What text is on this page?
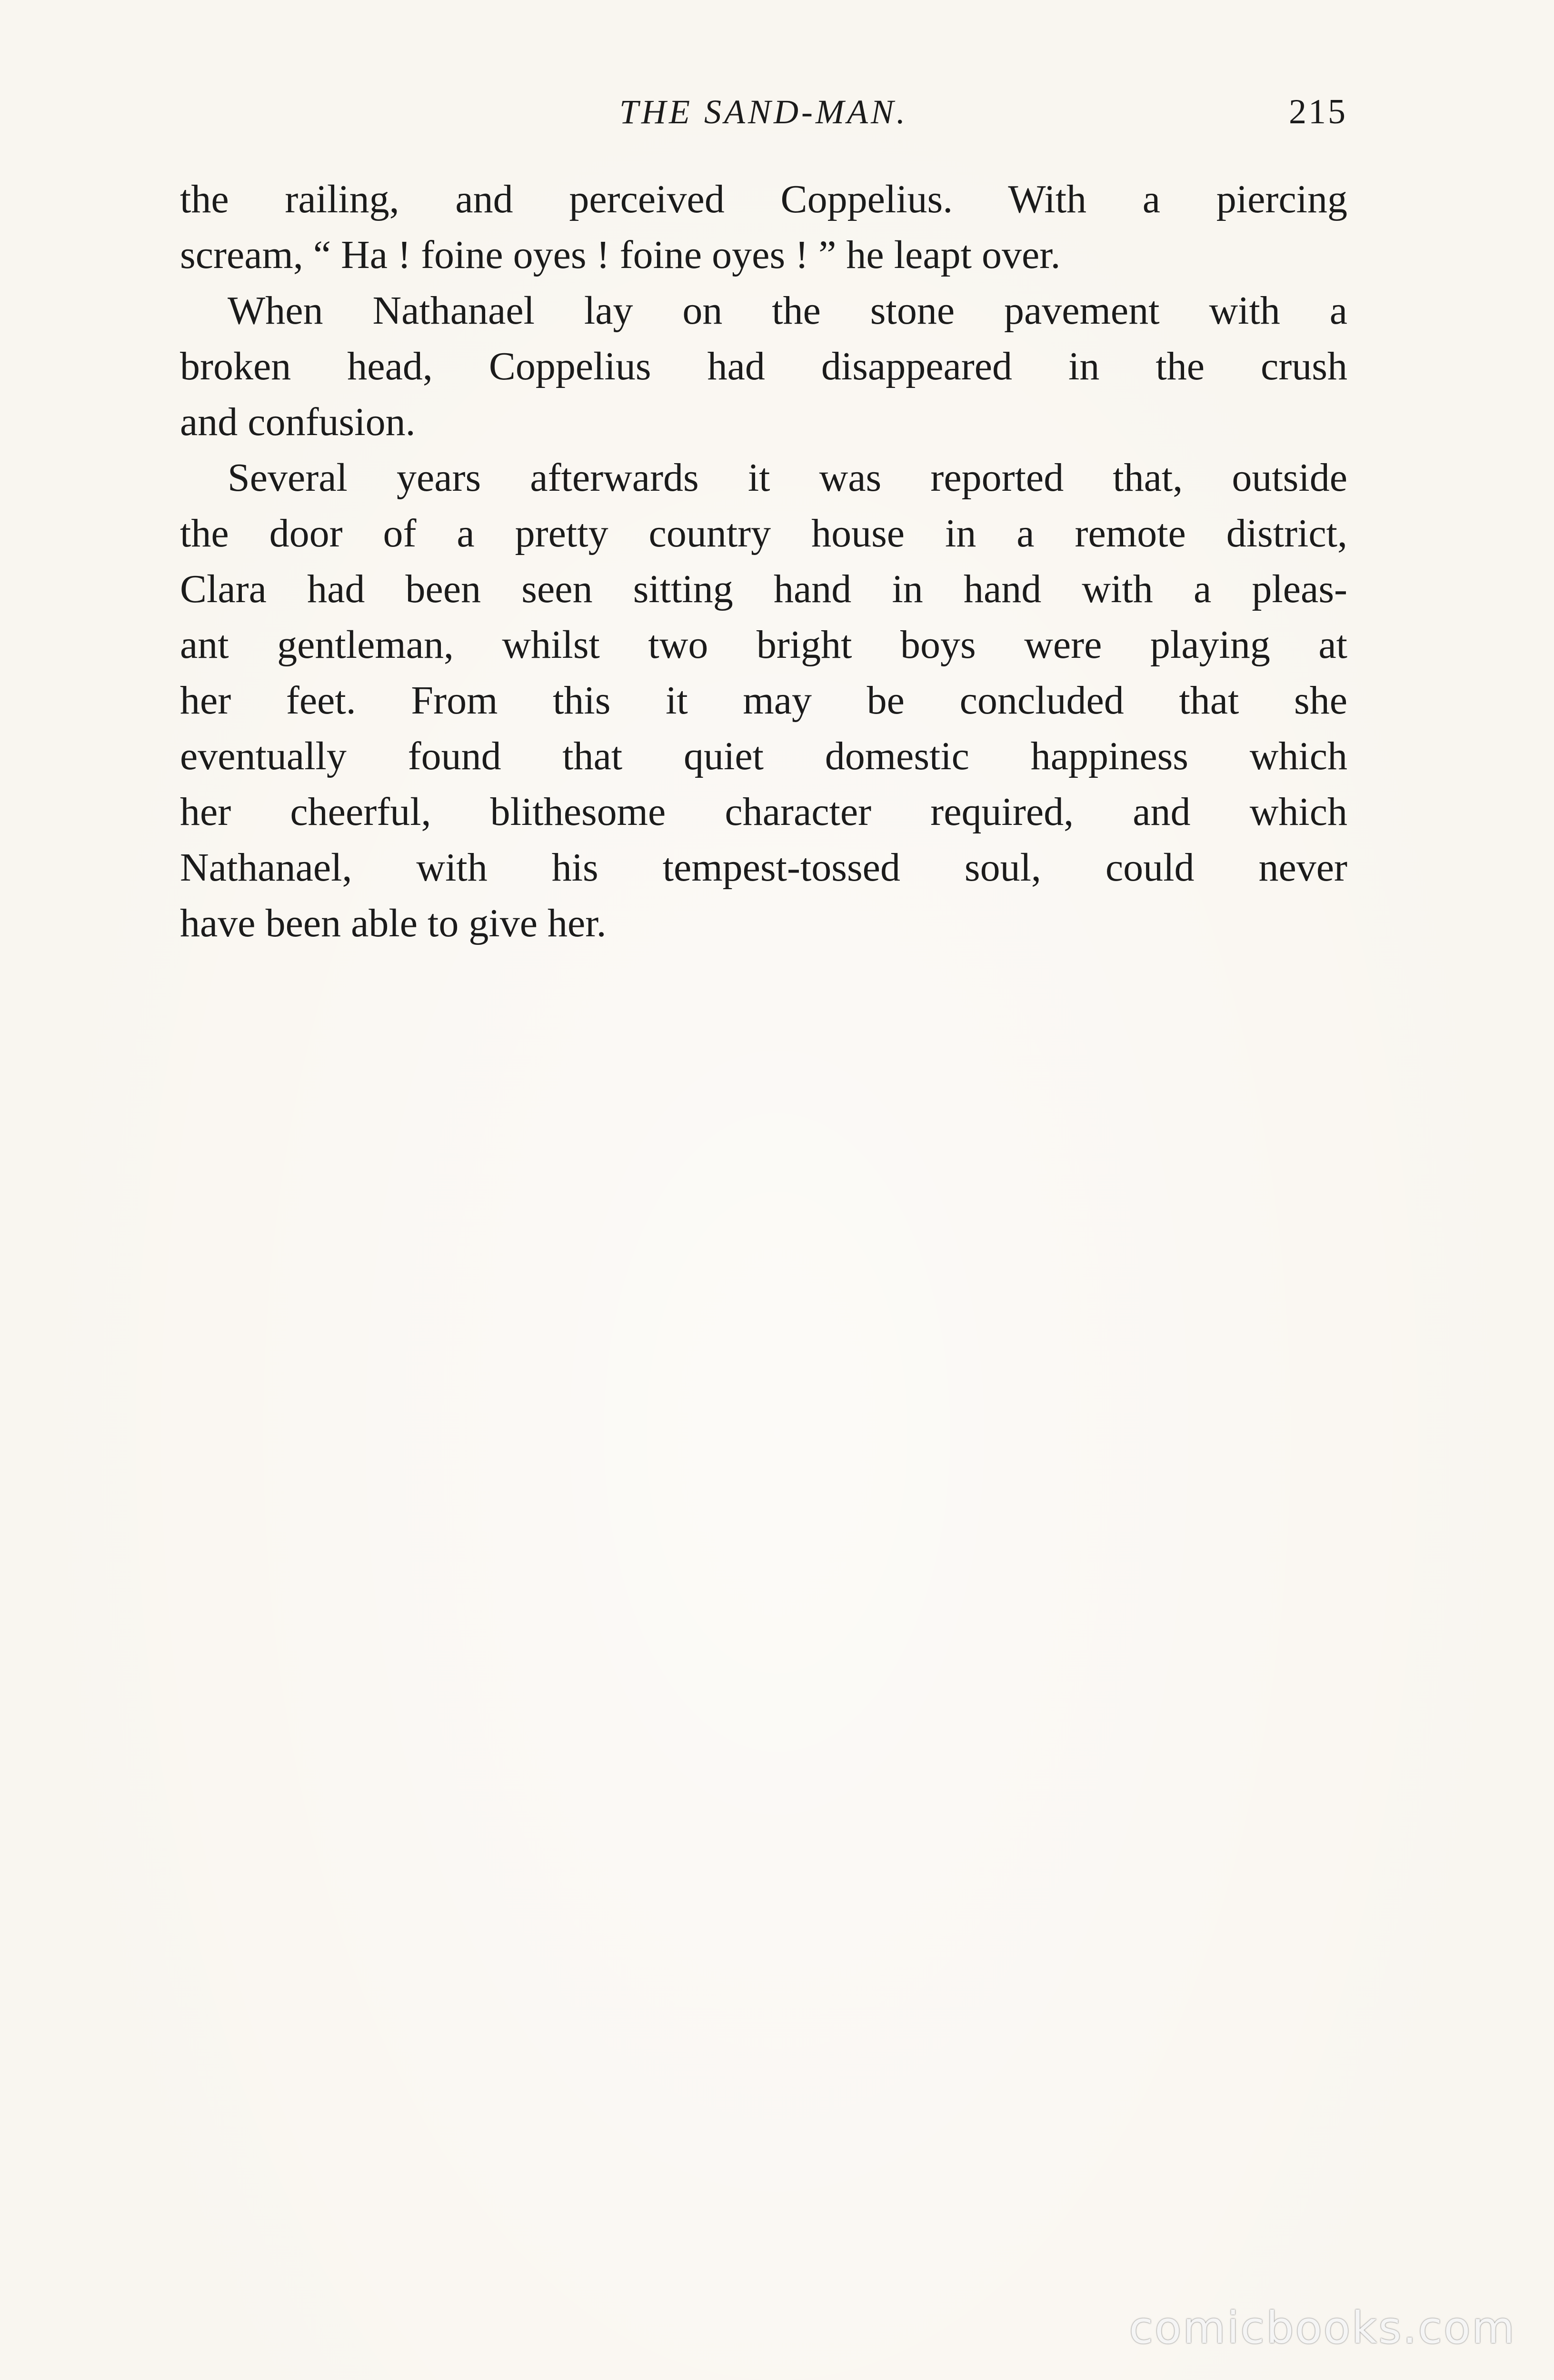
THE SAND-MAN.	215
the railing, and perceived Coppelius. With a piercing
scream, “ Ha ! foine oyes ! foine oyes ! ” he leapt over.
When Nathanael lay on the stone pavement with a
broken head, Coppelius had disappeared in the crush
and confusion.
Several years afterwards it was reported that, outside
the door of a pretty country house in a remote district,
Clara had been seen sitting hand in hand with a pleas-
ant gentleman, whilst two bright boys were playing at
her feet. From this it may be concluded that she
eventually found that quiet domestic happiness which
her cheerful, blithesome character required, and which
Nathanael, with his tempest-tossed soul, could never
have been able to give her.
comicbooks.com
